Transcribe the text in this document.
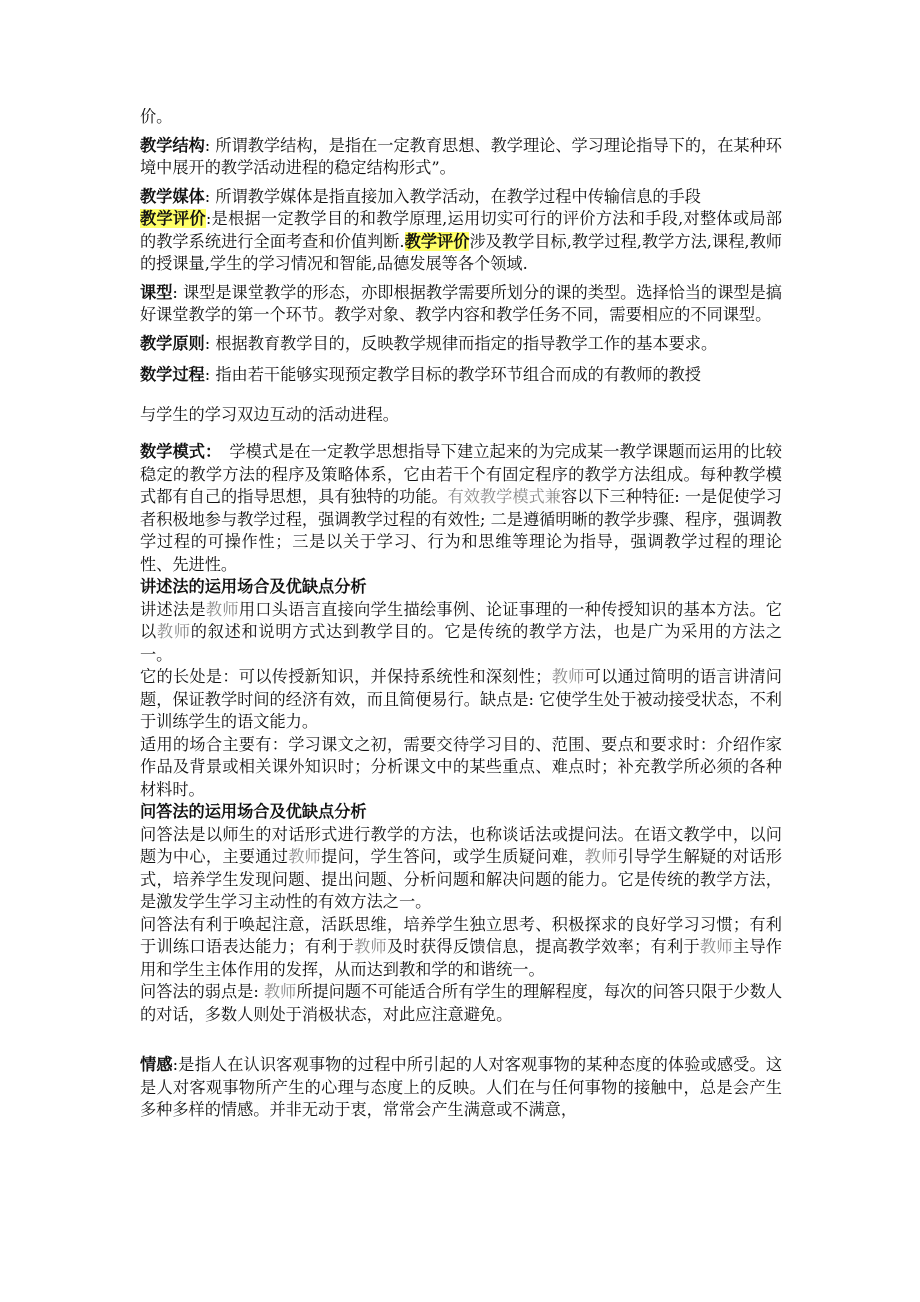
价。

教学结构: 所谓教学结构，是指在一定教育思想、教学理论、学习理论指导下的，在某种环境中展开的教学活动进程的稳定结构形式”。

教学媒体: 所谓教学媒体是指直接加入教学活动，在教学过程中传输信息的手段

教学评价:是根据一定教学目的和教学原理,运用切实可行的评价方法和手段,对整体或局部的教学系统进行全面考查和价值判断.教学评价涉及教学目标,教学过程,教学方法,课程,教师的授课量,学生的学习情况和智能,品德发展等各个领域.

课型: 课型是课堂教学的形态，亦即根据教学需要所划分的课的类型。选择恰当的课型是搞好课堂教学的第一个环节。教学对象、教学内容和教学任务不同，需要相应的不同课型。

教学原则: 根据教育教学目的，反映教学规律而指定的指导教学工作的基本要求。

数学过程: 指由若干能够实现预定教学目标的教学环节组合而成的有教师的教授

与学生的学习双边互动的活动进程。

数学模式：　学模式是在一定教学思想指导下建立起来的为完成某一教学课题而运用的比较稳定的教学方法的程序及策略体系，它由若干个有固定程序的教学方法组成。每种教学模式都有自己的指导思想，具有独特的功能。有效教学模式兼容以下三种特征: 一是促使学习者积极地参与教学过程，强调教学过程的有效性; 二是遵循明晰的教学步骤、程序，强调教学过程的可操作性；三是以关于学习、行为和思维等理论为指导，强调教学过程的理论性、先进性。

讲述法的运用场合及优缺点分析

讲述法是教师用口头语言直接向学生描绘事例、论证事理的一种传授知识的基本方法。它以教师的叙述和说明方式达到教学目的。它是传统的教学方法，也是广为采用的方法之一。

它的长处是：可以传授新知识，并保持系统性和深刻性；教师可以通过简明的语言讲清问题，保证教学时间的经济有效，而且简便易行。缺点是: 它使学生处于被动接受状态，不利于训练学生的语文能力。

适用的场合主要有：学习课文之初，需要交待学习目的、范围、要点和要求时：介绍作家作品及背景或相关课外知识时；分析课文中的某些重点、难点时；补充教学所必须的各种材料时。

问答法的运用场合及优缺点分析

问答法是以师生的对话形式进行教学的方法，也称谈话法或提问法。在语文教学中，以问题为中心，主要通过教师提问，学生答问，或学生质疑问难，教师引导学生解疑的对话形式，培养学生发现问题、提出问题、分析问题和解决问题的能力。它是传统的教学方法，是激发学生学习主动性的有效方法之一。

问答法有利于唤起注意，活跃思维，培养学生独立思考、积极探求的良好学习习惯；有利于训练口语表达能力；有利于教师及时获得反馈信息，提高教学效率；有利于教师主导作用和学生主体作用的发挥，从而达到教和学的和谐统一。

问答法的弱点是: 教师所提问题不可能适合所有学生的理解程度，每次的问答只限于少数人的对话，多数人则处于消极状态，对此应注意避免。

情感:是指人在认识客观事物的过程中所引起的人对客观事物的某种态度的体验或感受。这是人对客观事物所产生的心理与态度上的反映。人们在与任何事物的接触中，总是会产生多种多样的情感。并非无动于衷，常常会产生满意或不满意，
